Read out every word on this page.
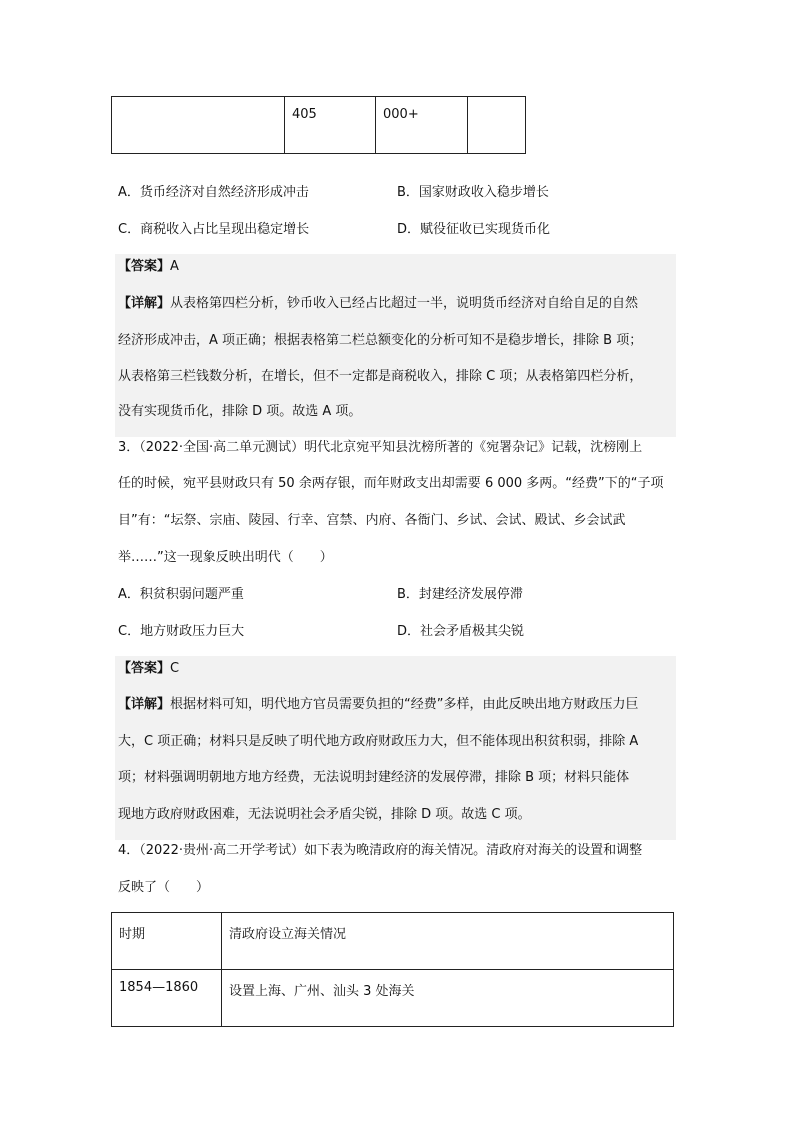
	405	000+	
A．货币经济对自然经济形成冲击	B．国家财政收入稳步增长
C．商税收入占比呈现出稳定增长	D．赋役征收已实现货币化
【答案】A
【详解】从表格第四栏分析，钞币收入已经占比超过一半，说明货币经济对自给自足的自然
经济形成冲击，A 项正确；根据表格第二栏总额变化的分析可知不是稳步增长，排除 B 项；
从表格第三栏钱数分析，在增长，但不一定都是商税收入，排除 C 项；从表格第四栏分析，
没有实现货币化，排除 D 项。故选 A 项。
3．（2022·全国·高二单元测试）明代北京宛平知县沈榜所著的《宛署杂记》记载，沈榜刚上
任的时候，宛平县财政只有 50 余两存银，而年财政支出却需要 6 000 多两。“经费”下的“子项
目”有：“坛祭、宗庙、陵园、行幸、宫禁、内府、各衙门、乡试、会试、殿试、乡会试武
举……”这一现象反映出明代（　　）
A．积贫积弱问题严重	B．封建经济发展停滞
C．地方财政压力巨大	D．社会矛盾极其尖锐
【答案】C
【详解】根据材料可知，明代地方官员需要负担的“经费”多样，由此反映出地方财政压力巨
大，C 项正确；材料只是反映了明代地方政府财政压力大，但不能体现出积贫积弱，排除 A
项；材料强调明朝地方地方经费，无法说明封建经济的发展停滞，排除 B 项；材料只能体
现地方政府财政困难，无法说明社会矛盾尖锐，排除 D 项。故选 C 项。
4．（2022·贵州·高二开学考试）如下表为晚清政府的海关情况。清政府对海关的设置和调整
反映了（　　）
时期	清政府设立海关情况
1854—1860	设置上海、广州、汕头 3 处海关
